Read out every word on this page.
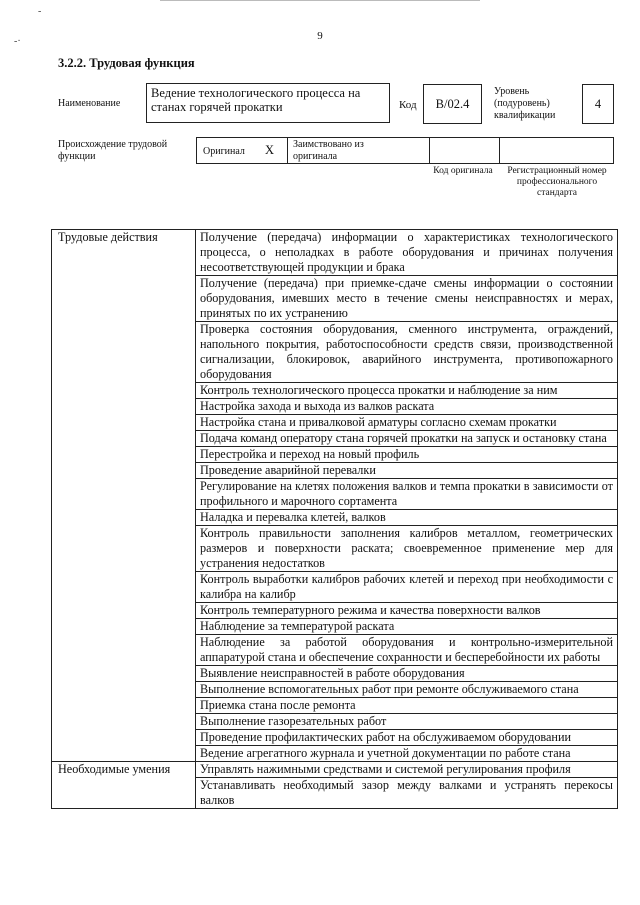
-
-·	9
3.2.2. Трудовая функция
Наименование
Ведение технологического процесса на станах горячей прокатки	Код	B/02.4
Уровень (подуровень) квалификации
4
Происхождение трудовой функции	Оригинал X Заимствовано из оригинала
Код оригинала	Регистрационный номер профессионального стандарта
Трудовые действия	Получение (передача) информации о характеристиках технологического процесса, о неполадках в работе оборудования и причинах получения несоответствующей продукции и брака
	Получение (передача) при приемке-сдаче смены информации о состоянии оборудования, имевших место в течение смены неисправностях и мерах, принятых по их устранению
	Проверка состояния оборудования, сменного инструмента, ограждений, напольного покрытия, работоспособности средств связи, производственной сигнализации, блокировок, аварийного инструмента, противопожарного оборудования
	Контроль технологического процесса прокатки и наблюдение за ним
	Настройка захода и выхода из валков раската
	Настройка стана и привалковой арматуры согласно схемам прокатки
	Подача команд оператору стана горячей прокатки на запуск и остановку стана
	Перестройка и переход на новый профиль
	Проведение аварийной перевалки
	Регулирование на клетях положения валков и темпа прокатки в зависимости от профильного и марочного сортамента
	Наладка и перевалка клетей, валков
	Контроль правильности заполнения калибров металлом, геометрических размеров и поверхности раската; своевременное применение мер для устранения недостатков
	Контроль выработки калибров рабочих клетей и переход при необходимости с калибра на калибр
	Контроль температурного режима и качества поверхности валков
	Наблюдение за температурой раската
	Наблюдение за работой оборудования и контрольно-измерительной аппаратурой стана и обеспечение сохранности и бесперебойности их работы
	Выявление неисправностей в работе оборудования
	Выполнение вспомогательных работ при ремонте обслуживаемого стана
	Приемка стана после ремонта
	Выполнение газорезательных работ
	Проведение профилактических работ на обслуживаемом оборудовании
	Ведение агрегатного журнала и учетной документации по работе стана
Необходимые умения	Управлять нажимными средствами и системой регулирования профиля
	Устанавливать необходимый зазор между валками и устранять перекосы валков
